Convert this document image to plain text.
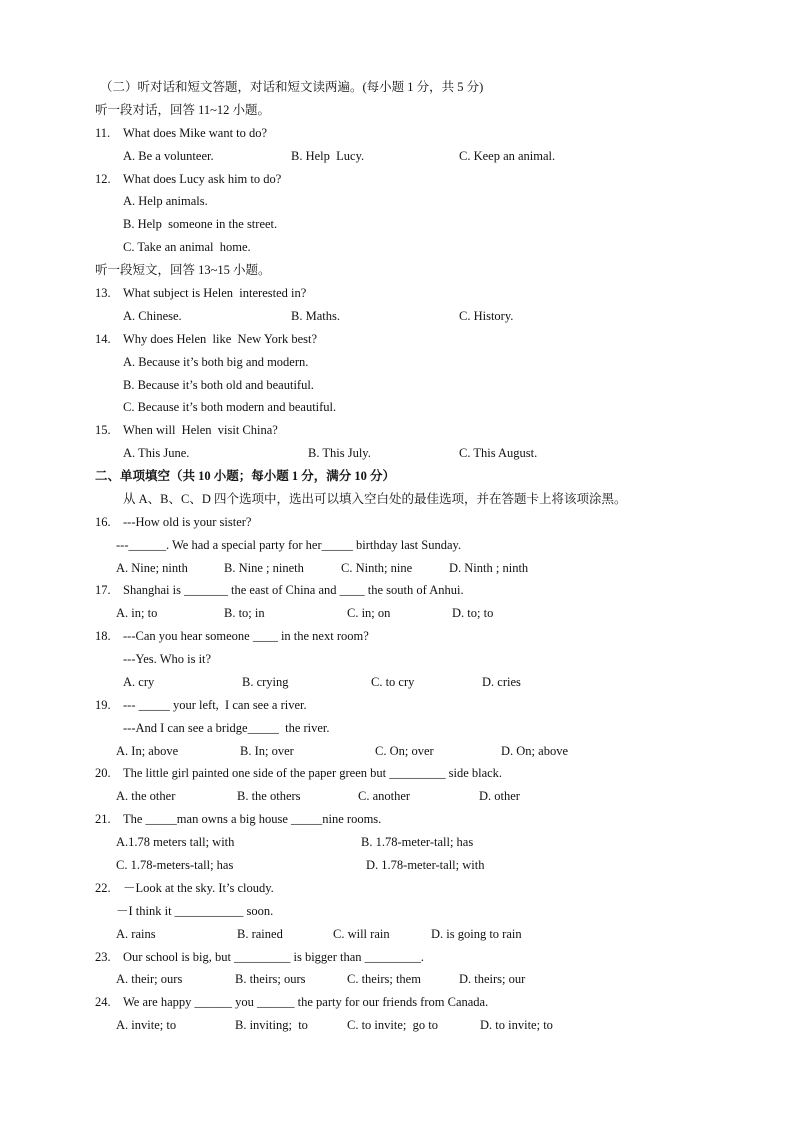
（二）听对话和短文答题，对话和短文读两遍。(每小题 1 分，共 5 分)
听一段对话，回答 11~12 小题。
11. What does Mike want to do?
A. Be a volunteer.	B. Help  Lucy.	C. Keep an animal.
12. What does Lucy ask him to do?
A. Help animals.
B. Help  someone in the street.
C. Take an animal  home.
听一段短文，回答 13~15 小题。
13. What subject is Helen  interested in?
A. Chinese.	B. Maths.	C. History.
14. Why does Helen  like  New York best?
A. Because it’s both big and modern.
B. Because it’s both old and beautiful.
C. Because it’s both modern and beautiful.
15. When will  Helen  visit China?
A. This June.	B. This July.	C. This August.
二、单项填空（共 10 小题；每小题 1 分，满分 10 分）
从 A、B、C、D 四个选项中，选出可以填入空白处的最佳选项，并在答题卡上将该项涂黑。
16. ---How old is your sister?
---______. We had a special party for her_____ birthday last Sunday.
A. Nine; ninth	B. Nine ; nineth	C. Ninth; nine	D. Ninth ; ninth
17. Shanghai is _______ the east of China and ____ the south of Anhui.
A. in; to	B. to; in	C. in; on	D. to; to
18. ---Can you hear someone ____ in the next room?
---Yes. Who is it?
A. cry	B. crying	C. to cry	D. cries
19. --- _____ your left,  I can see a river.
---And I can see a bridge_____  the river.
A. In; above	B. In; over	C. On; over	D. On; above
20. The little girl painted one side of the paper green but _________ side black.
A. the other	B. the others	C. another	D. other
21. The _____man owns a big house _____nine rooms.
A.1.78 meters tall; with	B. 1.78-meter-tall; has
C. 1.78-meters-tall; has	D. 1.78-meter-tall; with
22. －Look at the sky. It’s cloudy.
－I think it ___________ soon.
A. rains	B. rained	C. will rain	D. is going to rain
23. Our school is big, but _________ is bigger than _________.
A. their; ours	B. theirs; ours	C. theirs; them	D. theirs; our
24. We are happy ______ you ______ the party for our friends from Canada.
A. invite; to	B. inviting;  to	C. to invite;  go to	D. to invite; to
